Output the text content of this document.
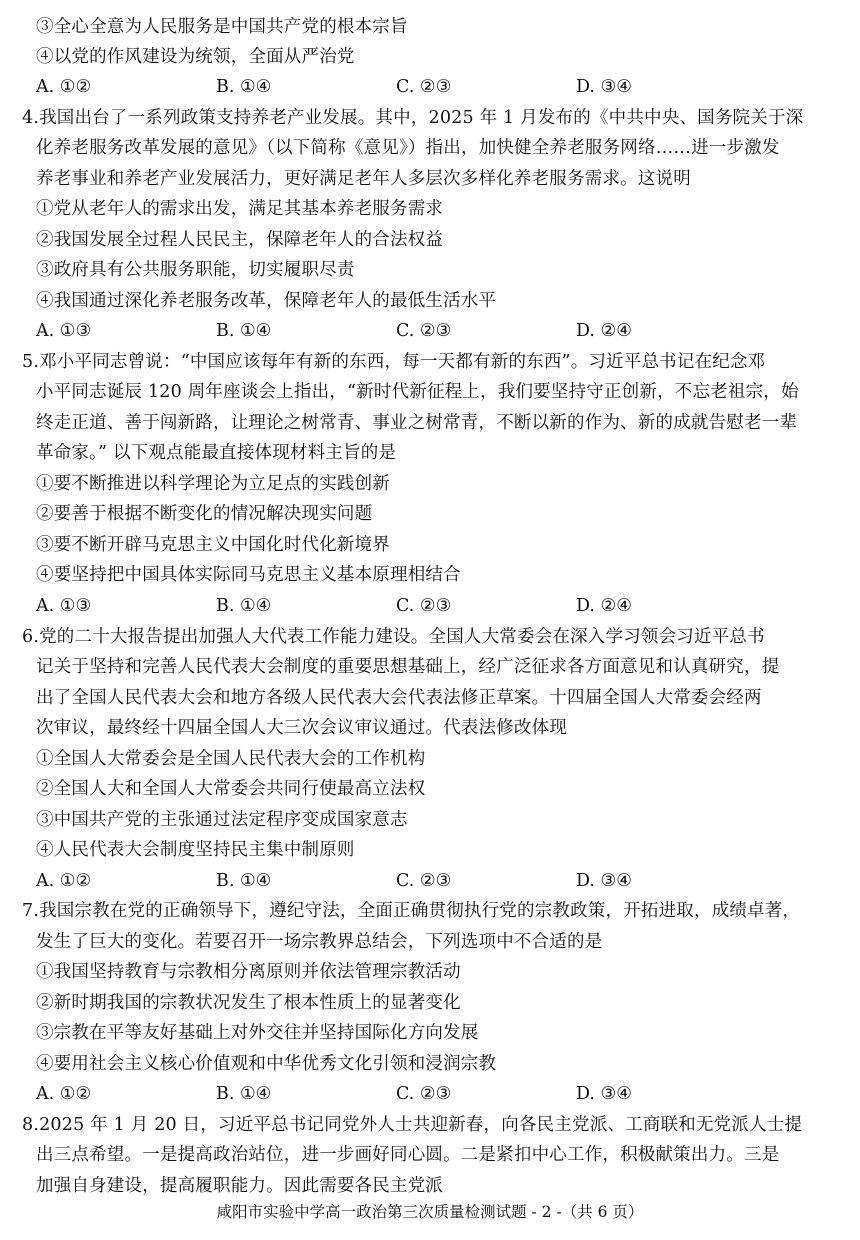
③全心全意为人民服务是中国共产党的根本宗旨
④以党的作风建设为统领，全面从严治党
A. ①②	B. ①④	C. ②③	D. ③④
4.我国出台了一系列政策支持养老产业发展。其中，2025 年 1 月发布的《中共中央、国务院关于深
化养老服务改革发展的意见》（以下简称《意见》）指出，加快健全养老服务网络……进一步激发
养老事业和养老产业发展活力，更好满足老年人多层次多样化养老服务需求。这说明
①党从老年人的需求出发，满足其基本养老服务需求
②我国发展全过程人民民主，保障老年人的合法权益
③政府具有公共服务职能，切实履职尽责
④我国通过深化养老服务改革，保障老年人的最低生活水平
A. ①③	B. ①④	C. ②③	D. ②④
5.邓小平同志曾说：“中国应该每年有新的东西，每一天都有新的东西”。习近平总书记在纪念邓
小平同志诞辰 120 周年座谈会上指出，“新时代新征程上，我们要坚持守正创新，不忘老祖宗，始
终走正道、善于闯新路，让理论之树常青、事业之树常青，不断以新的作为、新的成就告慰老一辈
革命家。” 以下观点能最直接体现材料主旨的是
①要不断推进以科学理论为立足点的实践创新
②要善于根据不断变化的情况解决现实问题
③要不断开辟马克思主义中国化时代化新境界
④要坚持把中国具体实际同马克思主义基本原理相结合
A. ①③	B. ①④	C. ②③	D. ②④
6.党的二十大报告提出加强人大代表工作能力建设。全国人大常委会在深入学习领会习近平总书
记关于坚持和完善人民代表大会制度的重要思想基础上，经广泛征求各方面意见和认真研究，提
出了全国人民代表大会和地方各级人民代表大会代表法修正草案。十四届全国人大常委会经两
次审议，最终经十四届全国人大三次会议审议通过。代表法修改体现
①全国人大常委会是全国人民代表大会的工作机构
②全国人大和全国人大常委会共同行使最高立法权
③中国共产党的主张通过法定程序变成国家意志
④人民代表大会制度坚持民主集中制原则
A. ①②	B. ①④	C. ②③	D. ③④
7.我国宗教在党的正确领导下，遵纪守法，全面正确贯彻执行党的宗教政策，开拓进取，成绩卓著，
发生了巨大的变化。若要召开一场宗教界总结会，下列选项中不合适的是
①我国坚持教育与宗教相分离原则并依法管理宗教活动
②新时期我国的宗教状况发生了根本性质上的显著变化
③宗教在平等友好基础上对外交往并坚持国际化方向发展
④要用社会主义核心价值观和中华优秀文化引领和浸润宗教
A. ①②	B. ①④	C. ②③	D. ③④
8.2025 年 1 月 20 日，习近平总书记同党外人士共迎新春，向各民主党派、工商联和无党派人士提
出三点希望。一是提高政治站位，进一步画好同心圆。二是紧扣中心工作，积极献策出力。三是
加强自身建设，提高履职能力。因此需要各民主党派
咸阳市实验中学高一政治第三次质量检测试题 - 2 -（共 6 页）
